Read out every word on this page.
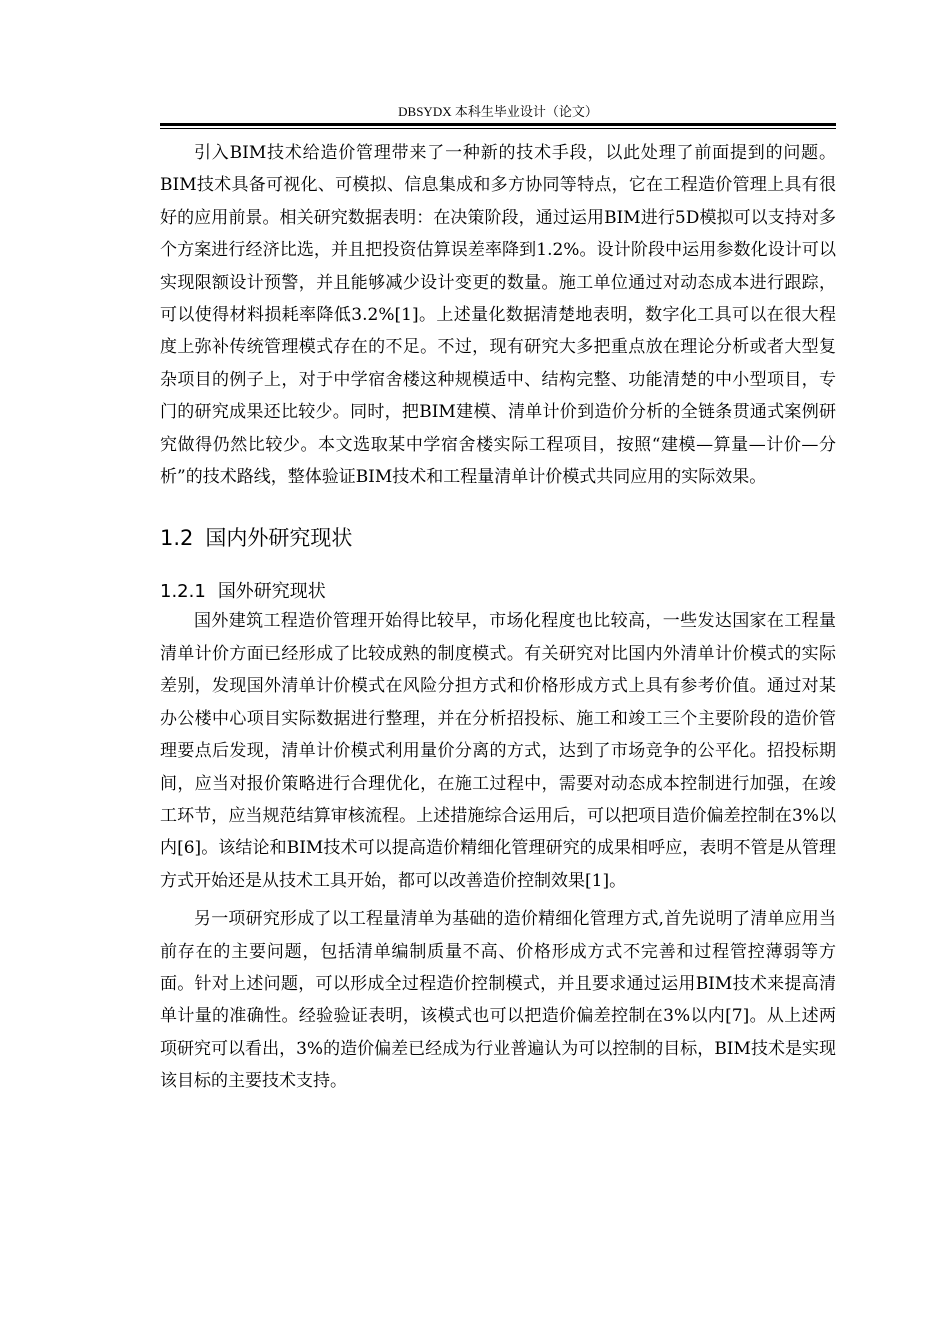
DBSYDX 本科生毕业设计（论文）

引入BIM技术给造价管理带来了一种新的技术手段，以此处理了前面提到的问题。BIM技术具备可视化、可模拟、信息集成和多方协同等特点，它在工程造价管理上具有很好的应用前景。相关研究数据表明：在决策阶段，通过运用BIM进行5D模拟可以支持对多个方案进行经济比选，并且把投资估算误差率降到1.2%。设计阶段中运用参数化设计可以实现限额设计预警，并且能够减少设计变更的数量。施工单位通过对动态成本进行跟踪，可以使得材料损耗率降低3.2%[1]。上述量化数据清楚地表明，数字化工具可以在很大程度上弥补传统管理模式存在的不足。不过，现有研究大多把重点放在理论分析或者大型复杂项目的例子上，对于中学宿舍楼这种规模适中、结构完整、功能清楚的中小型项目，专门的研究成果还比较少。同时，把BIM建模、清单计价到造价分析的全链条贯通式案例研究做得仍然比较少。本文选取某中学宿舍楼实际工程项目，按照“建模—算量—计价—分析”的技术路线，整体验证BIM技术和工程量清单计价模式共同应用的实际效果。

1.2 国内外研究现状
1.2.1 国外研究现状

国外建筑工程造价管理开始得比较早，市场化程度也比较高，一些发达国家在工程量清单计价方面已经形成了比较成熟的制度模式。有关研究对比国内外清单计价模式的实际差别，发现国外清单计价模式在风险分担方式和价格形成方式上具有参考价值。通过对某办公楼中心项目实际数据进行整理，并在分析招投标、施工和竣工三个主要阶段的造价管理要点后发现，清单计价模式利用量价分离的方式，达到了市场竞争的公平化。招投标期间，应当对报价策略进行合理优化，在施工过程中，需要对动态成本控制进行加强，在竣工环节，应当规范结算审核流程。上述措施综合运用后，可以把项目造价偏差控制在3%以内[6]。该结论和BIM技术可以提高造价精细化管理研究的成果相呼应，表明不管是从管理方式开始还是从技术工具开始，都可以改善造价控制效果[1]。

另一项研究形成了以工程量清单为基础的造价精细化管理方式,首先说明了清单应用当前存在的主要问题，包括清单编制质量不高、价格形成方式不完善和过程管控薄弱等方面。针对上述问题，可以形成全过程造价控制模式，并且要求通过运用BIM技术来提高清单计量的准确性。经验验证表明，该模式也可以把造价偏差控制在3%以内[7]。从上述两项研究可以看出，3%的造价偏差已经成为行业普遍认为可以控制的目标，BIM技术是实现该目标的主要技术支持。
